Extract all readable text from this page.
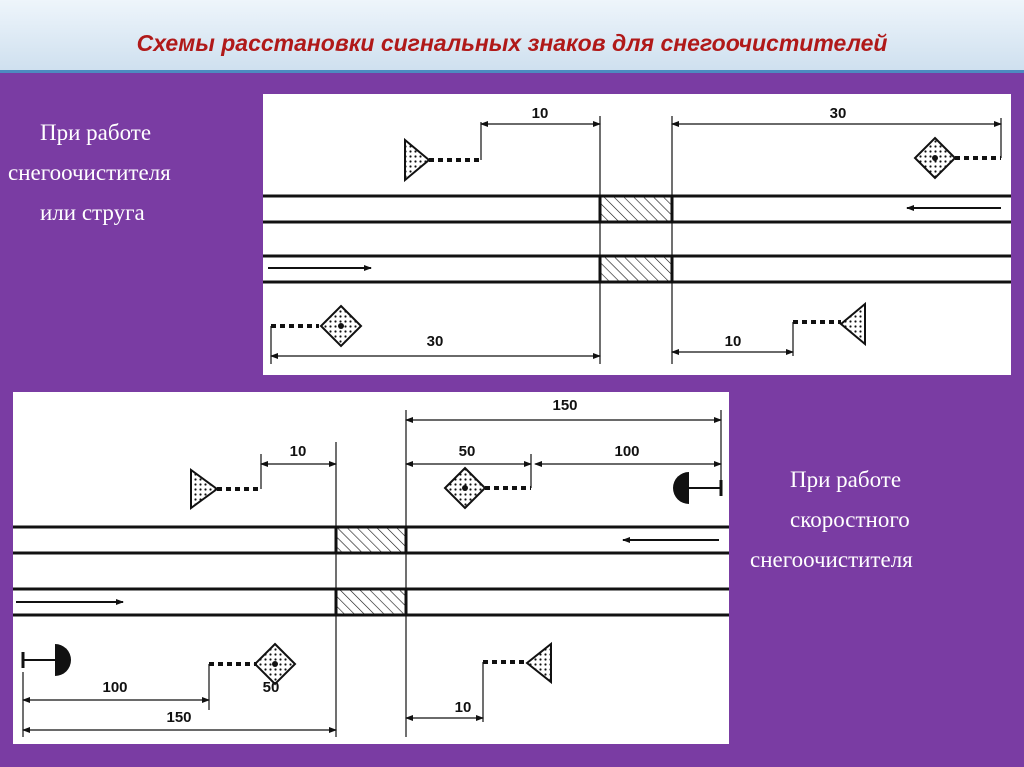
Схемы расстановки сигнальных знаков для снегоочистителей
При работе
снегоочистителя
или струга
При работе
скоростного
снегоочистителя
10	30
30	10
150
10	50	100
100	50
150
10
